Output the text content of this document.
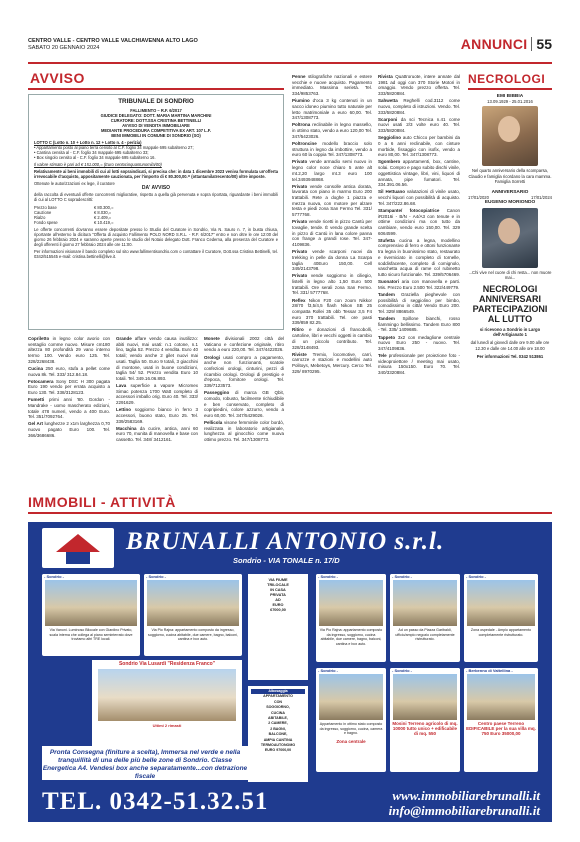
CENTRO VALLE - CENTRO VALLE VALCHIAVENNA ALTO LAGO
SABATO 20 GENNAIO 2024	ANNUNCI 55
AVVISO
TRIBUNALE DI SONDRIO
FALLIMENTO – R.F. 6/2017
GIUDICE DELEGATO: DOTT. MARIA MARTINA MARCHINI
CURATORE: DOTT.SSA CRISTINA BETTINELLI
AVVISO DI VENDITA IMMOBILIARE
MEDIANTE PROCEDURA COMPETITIVA EX ART. 107 L.F.
BENI IMMOBILI IN COMUNE DI SONDRIO (SO)

LOTTO C (Lotto n. 10 + Lotto n. 12 + Lotto n. 4 - perizia)

• Appartamento posto al piano terra censito al C.F. foglio 34 mappale 695 subalterno 27;
• Cantina censita al - C.F. foglio 34 mappale 695 subalterno 33;
• Box singolo censito al - C.F. foglio 34 mappale 695 subalterno 16.

Il valore stimato è pari ad € 151.000,= (Euro centocinquantunomila/00)

Relativamente ai beni immobili di cui al lotti sopraindicati, si precisa che: in data 1 dicembre 2023 veniva formulata un'offerta irrevocabile d'acquisto, appositamente cauzionata, per l'importo di € 80.300,00.= (ottantamilatrecento/00) oltre imposte.

Ottenute le autorizzazioni ex lege, il curatore

DA' AVVISO

della raccolta di eventuali offerte concorrenti migliorative, rispetto a quella già pervenuta e sopra riportata, riguardante i beni immobili di cui al LOTTO C sopradescritti:

Prezzo base	€ 80.300,=
Cauzione	€ 8.030,=
Rialzo	€ 2.409,=
Fondo spese	€ 10.419,=

Le offerte concorrenti dovranno essere depositate presso lo Studio del Curatore in Sondrio, Via N. Sauro n. 7, in busta chiusa, riportante all'esterno la dicitura "Offerta di acquisto Fallimento POLO NORD S.R.L. - R.F. 6/2017" entro e non oltre le ore 12:00 del giorno 26 febbraio 2024 e saranno aperte presso lo studio del Notaio delegato Dott. Franco Cederna, alla presenza del Curatore e degli offerenti il giorno 27 febbraio 2024 alle ore 11:00.

Per informazioni visionare il bando completo sul sito www.fallimentisondrio.com o contattare il Curatore, Dott.ssa Cristina Bettinelli, tel. 0342/515545 e-mail: cristina.bettinelli@live.it.

Copriletto in legno color avorio con ventaglio comme nuovo. Misure cm180 altezza 80 profondità 29 vano interno termo 100. Vendo euro 125. Tel. 328/2268438.

Cucina 250 euro, stufa a pellet come nuova 8k. Tel. 333/ 312.84.18.

Fotocamera Sony DSC H 300 pagata Euro 190 vendo per errata acquisto a Euro 130. Tel. 338/3128123.

Fumetti primi anni '80. Gordon - Mandrake - uomo mascherato edizioni, totale 478 numeri, vendo a 400 Euro. Tel. 351/7092764.

Gel Art lunghezze 2 x1m larghezza 0,70 nuovo pagato Euro 100. Tel. 366/3686686.

Grande affare vendo causa inutilizzo: abiti nuovi, mai usati: n.1 cotone, n.1 lino, taglia 52. Prezzo 4 vendita. Euro 40 totali; vendo anche 2 gilet nuovi mai usati. Taglia 50. Euro 9 totali, 3 giacchini di montone, usati in buone condizioni, taglia 54/ 52. Prezzo vendita Euro 10 totali. Tel. 349.16.06.893.

Lava superficie a vapore Micromex Simac potenza 1700 Watt completo di accessori imballo orig. Euro 40. Tel. 333/ 2291629.

Lettino soggiorno bianco in ferro 3 accessori, buono stato, Euro 25. Tel. 339/2583169.

Macchina da cucire, antica, anni 60 euro 70, munita di manovella e base con cassetto. Tel. 348/ 3412161.

Monete divisionali 2002 città del Vaticano e confezione originale, ritiro vendo a euro 220,00. Tel. 347/4422026.

Orologi usati compro a pagamento, anche non funzionanti, scatole confezioni orologi, cinturini, pezzi di ricambio orologi. Orologi di prestigio e d'epoca, fornitore orologi. Tel. 339/7123573.

Passeggino di marca GB Qbit, comodo, robusto, facilmente richiudibile e ben conservato, completo di copripiedini, colore azzurro, vendo a euro 60,00. Tel. 347/5429026.

Pellicola visone femminile color bordò, realizzata in laboratorio artigianale, lunghezza al ginocchio come nuova ottimo prezzo. Tel. 347/1308773.

Penne stilografiche nazionali e estere vecchie e nuove acquisto. Pagamento immediato. Massima serietà. Tel. 334/9853763.

Piumino d'oca 3 kg contenuti in un sacco idoneo piumino tutto naturale per letto matrimoniale a euro 60,00. Tel. 347/1308773.

Poltrona reclinabile in legno massello, in ottimo stato, vendo a euro 120,00 Tel. 347/5423026.

Poltroncine modello braccio solo struttura in legno da imbottire, vendo a euro 60 la coppia Tel. 347/1308773.

Privato vende armadio semi nuovo in legno color noce chiaro 5 ante alt mt.2,20 largo mt.3 euro 100 tel.3493948868.

Privato vende consolle antica dorata, lavorata con piano in marmo Euro 200 trattabili. Rete a doghe 1 piazza e mezza nuova, con motore per alzare testa e piedi zona San Fermo Tel. 331/ 5777768.

Privato vende ricetti in pizzo Cantù per tovaglie, tende. È vendo grande scelta in pizzo di Cantù in lana colore panna con frange a grandi rose. Tel. 347-4109836.

Privato vende scarponi nuovi da trekking in pelle da donna La Scarpa taglia 40Euro 150,00. Cell 349/2143798.

Privato vende soggiorno in ciliegio, listelli in legno alto 1,50 Euro 500 trattabili. Ore serali zona San Fermo. Tel. 331/ 5777768.

Reflex Nikon F20 con zoom Nikkor 28/70 f3,5/4,5 flash Nikon SB 25 compatta Rollei 35 obb Tessar 3,5 F4 euro 370 trattabili. Tel. ore pasti 339/859 82.25.

Ritiro e donazioni di francobolli, cartoline, libri e vecchi oggetti in cambio di un piccolo contributo. Tel. 328/3148493.

Riviste Tremix, locomotive, carri, carrozze e stazioni e modellini auto Politoys, Mebetoys, Mercury. Cerco Tel. 329/ 8970295.

Rivista Quattroruote, intere annate dal 1981 ad oggi con 370 Storie Motori in omaggio. Vendo prezzo offerta. Tel. 333/5820884.

Sahwetta Reghelli cod.3112 come nuovo, completo di istruzioni. Vendo. Tel. 333/5820884.

Scarponi da sci Tecnica n.41 come nuovi usati 2/3 volte euro 40. Tel. 333/5820884.

Seggiolino auto Chicco per bambini da 0 a 6 anni reclinabile, con cinture morbide, fissaggio con isofix, vendo a euro 80,00. Tel. 347/1308773.

Sgombero appartamenti, box, cantine, solai. Compro e pago subito dischi vinile, oggettistica vintage, libri, vini, liquori di annata, pipe fumatori. Tel. 334.391.06.56.

Sil Hettuano valutazioni di vinile usato, vecchi liquori con possibilità di acquisto. Tel. 347/222.86.68.

Stampante/ fotocopiatrice Canon iR2016i - B/N - A4/A3 con tenute e in ottime condizioni ma con tutto da cambiare, vendo euro 150,00. Tel. 329 6064599.

Stufetta cucina a legna, modellino comprensivo di ferro e ottoni funzionante tra legna in buonissimo stato, restaurato e riverniciato in completo di tornelle, soddisfacente, completo di comignolo, vaschetta acqua di rame col rubinetto tutto sicuro funzionale. Tel. 339/5706469.

Suonatori aria con manovella e parti. Mis. Prezzo Euro 2.500 Tel. 322/449779.

Tandem Graziella pieghevole con possibilità di seggiolino per bimbo, comodissimo in città! Vendo Euro 200. Tel. 329/ 8866549.

Tandem Spillone bianchi, rosso fiammingo bellissimo. Tandem Euro 800 - Tel. 335/ 1409685.

Tappeto 3x2 con medaglione centrale nuovo Euro 250 - nuovo. Tel. 347/4109836.

Tele professionale per proiezione foto - videoproiettore / meeting mai usato, misura 150x150. Euro 70. Tel. 340/3320884.

NECROLOGI
EMI BIBBIA
13.09.1929 - 25.01.2016
Nel quarto anniversario della scomparsa, Claudio e famiglia ricordano la cara mamma. Famiglia Sorretti
ANNIVERSARIO
17/01/2020	17/01/2024
EUGENIO MORIONDO
...Chi vive nel cuore di chi resta... non muore mai...
NECROLOGI ANNIVERSARI PARTECIPAZIONI AL LUTTO
si ricevono a Sondrio in Largo dell'Artigianato 1
dal lunedì al giovedì dalle ore 9.00 alle ore 12.30 e dalle ore 14.00 alle ore 18.00
Per informazioni Tel. 0342 513861
IMMOBILI - ATTIVITÀ
BRUNALLI ANTONIO s.r.l.
Sondrio - VIA TONALE n. 17/D
- Sondrio -
Via Vanoni. Luminoso Bilocale con Giardino Privato, scala interna che collega al piano seminterrato dove troviamo altri TRE locali.
- Sondrio -
Via Pio Rajna: appartamento composto da ingresso, soggiorno, cucina abitabile, due camere, bagno, balconi, cantina e box auto.
Sondrio Via Lusardi "Residenza Franco"
Ultimi 2 rimasti
VIA FIUME
TRILOCALE
IN CASA
PRIVATA
AD
EURO
67000,00
Albosaggia
APPARTAMENTO
CON
SOGGIORNO,
CUCINA
ABITABILE,
2 CAMERE,
2 BAGNI,
BALCONE,
AMPIA CANTINA
TERMOAUTONOMO
EURO 97000,00
- Sondrio -
Via Pio Rajna: appartamento composto da ingresso, soggiorno, cucina abitabile, due camere, bagno, balconi, cantina e box auto.
- Sondrio -
Ad un passo da Piazza Garibaldi, ufficio/ampio negozio completamente ristrutturato.
- Sondrio -
Zona ospedale - Ampio appartamento completamente ristrutturato.
- Sondrio -
Appartamento in ottimo stato composto da ingresso, soggiorno, cucina, camera e bagno.
Zona centrale
- Sondrio -
Mosini Terreno agricolo di mq. 10000 tutto unico + edificabile di mq. 550
- Berbenno di Valtellina -
Centro paese Terreno EDIFICABILE per la sua villa mq. 750 Euro 35000,00
Pronta Consegna (finiture a scelta), Immersa nel verde e nella tranquillità di una delle più belle zone di Sondrio. Classe Energetica A4. Vendesi box anche separatamente...con detrazione fiscale
TEL. 0342-51.32.51	www.immobiliarebrunalli.it
info@immobiliarebrunalli.it
